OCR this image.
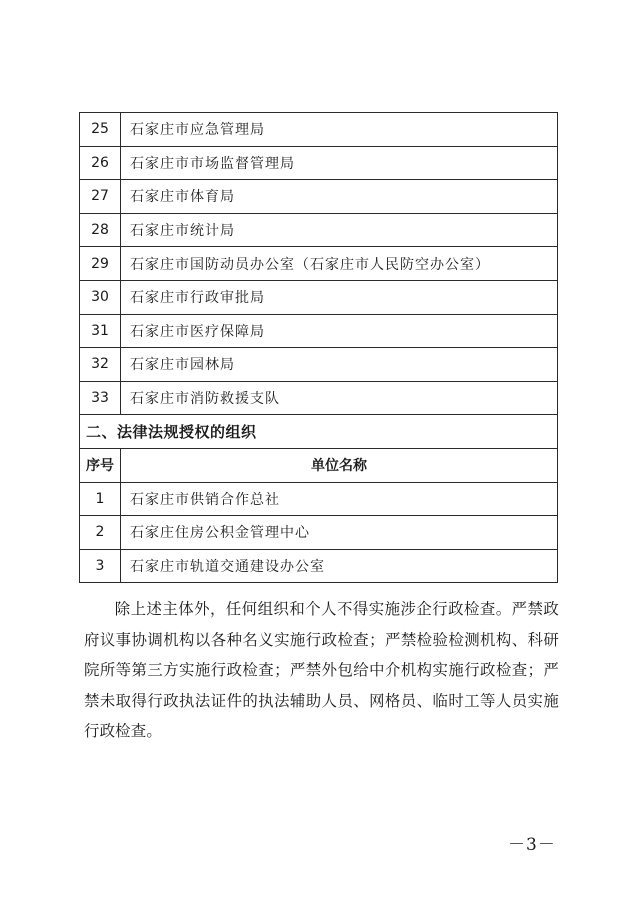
25	石家庄市应急管理局
26	石家庄市市场监督管理局
27	石家庄市体育局
28	石家庄市统计局
29	石家庄市国防动员办公室（石家庄市人民防空办公室）
30	石家庄市行政审批局
31	石家庄市医疗保障局
32	石家庄市园林局
33	石家庄市消防救援支队
二、法律法规授权的组织	
序号	单位名称
1	石家庄市供销合作总社
2	石家庄住房公积金管理中心
3	石家庄市轨道交通建设办公室

除上述主体外，任何组织和个人不得实施涉企行政检查。严禁政府议事协调机构以各种名义实施行政检查；严禁检验检测机构、科研院所等第三方实施行政检查；严禁外包给中介机构实施行政检查；严禁未取得行政执法证件的执法辅助人员、网格员、临时工等人员实施行政检查。

－3－
